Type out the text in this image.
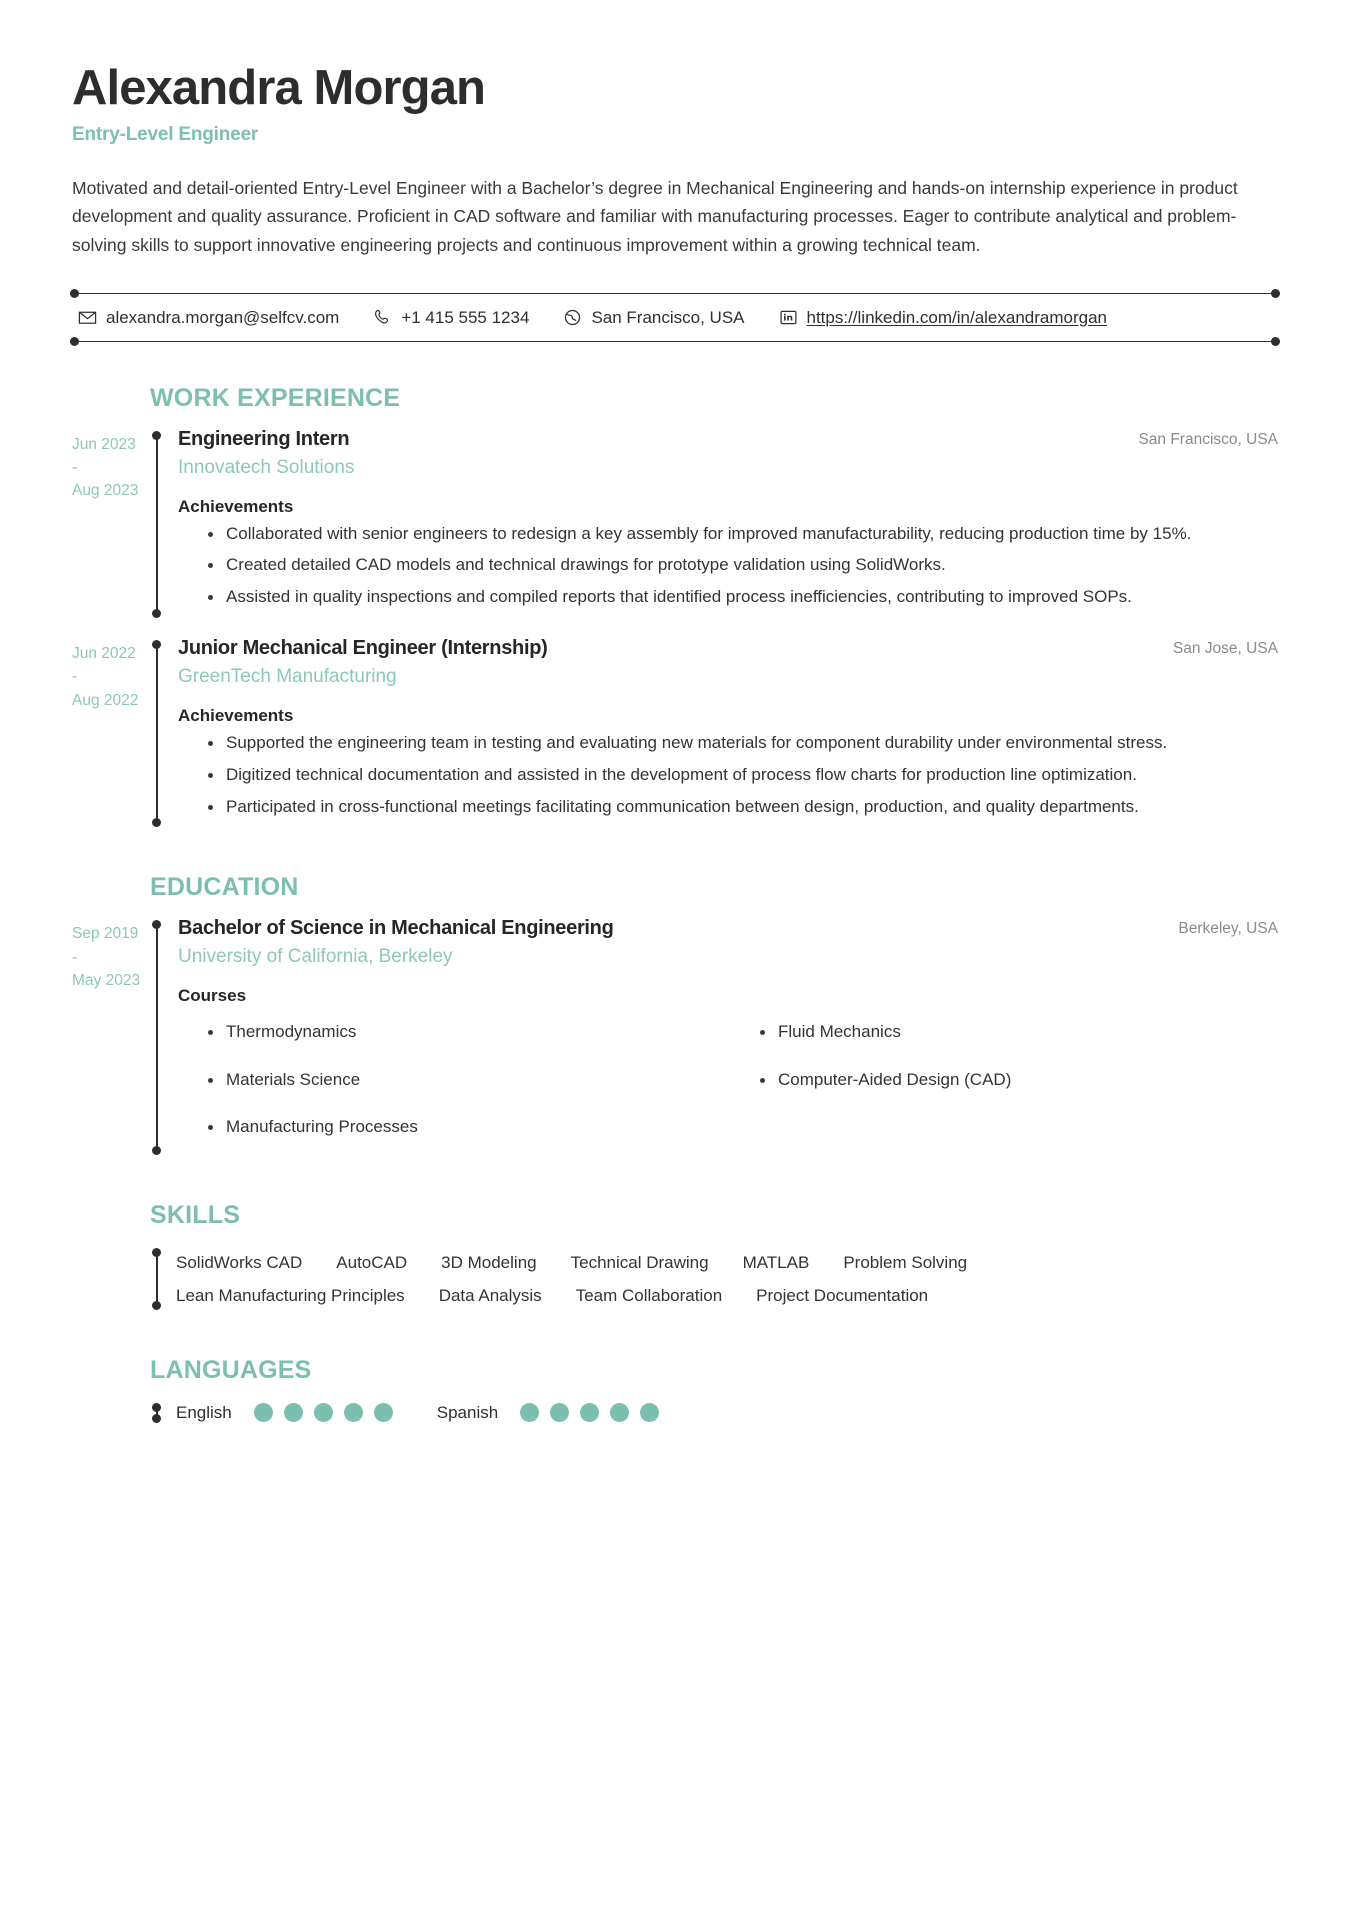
Alexandra Morgan
Entry-Level Engineer

Motivated and detail-oriented Entry-Level Engineer with a Bachelor’s degree in Mechanical Engineering and hands-on internship experience in product development and quality assurance. Proficient in CAD software and familiar with manufacturing processes. Eager to contribute analytical and problem-solving skills to support innovative engineering projects and continuous improvement within a growing technical team.

alexandra.morgan@selfcv.com	+1 415 555 1234	San Francisco, USA	https://linkedin.com/in/alexandramorgan
WORK EXPERIENCE
Jun 2023
-
Aug 2023
Engineering Intern	San Francisco, USA
Innovatech Solutions
Achievements
Collaborated with senior engineers to redesign a key assembly for improved manufacturability, reducing production time by 15%.
Created detailed CAD models and technical drawings for prototype validation using SolidWorks.
Assisted in quality inspections and compiled reports that identified process inefficiencies, contributing to improved SOPs.
Jun 2022
-
Aug 2022
Junior Mechanical Engineer (Internship)	San Jose, USA
GreenTech Manufacturing
Achievements
Supported the engineering team in testing and evaluating new materials for component durability under environmental stress.
Digitized technical documentation and assisted in the development of process flow charts for production line optimization.
Participated in cross-functional meetings facilitating communication between design, production, and quality departments.
EDUCATION
Sep 2019
-
May 2023
Bachelor of Science in Mechanical Engineering	Berkeley, USA
University of California, Berkeley
Courses
Thermodynamics	Fluid Mechanics
Materials Science	Computer-Aided Design (CAD)
Manufacturing Processes
SKILLS
SolidWorks CAD AutoCAD 3D Modeling Technical Drawing MATLAB Problem Solving
Lean Manufacturing Principles Data Analysis Team Collaboration Project Documentation
LANGUAGES
English	Spanish
